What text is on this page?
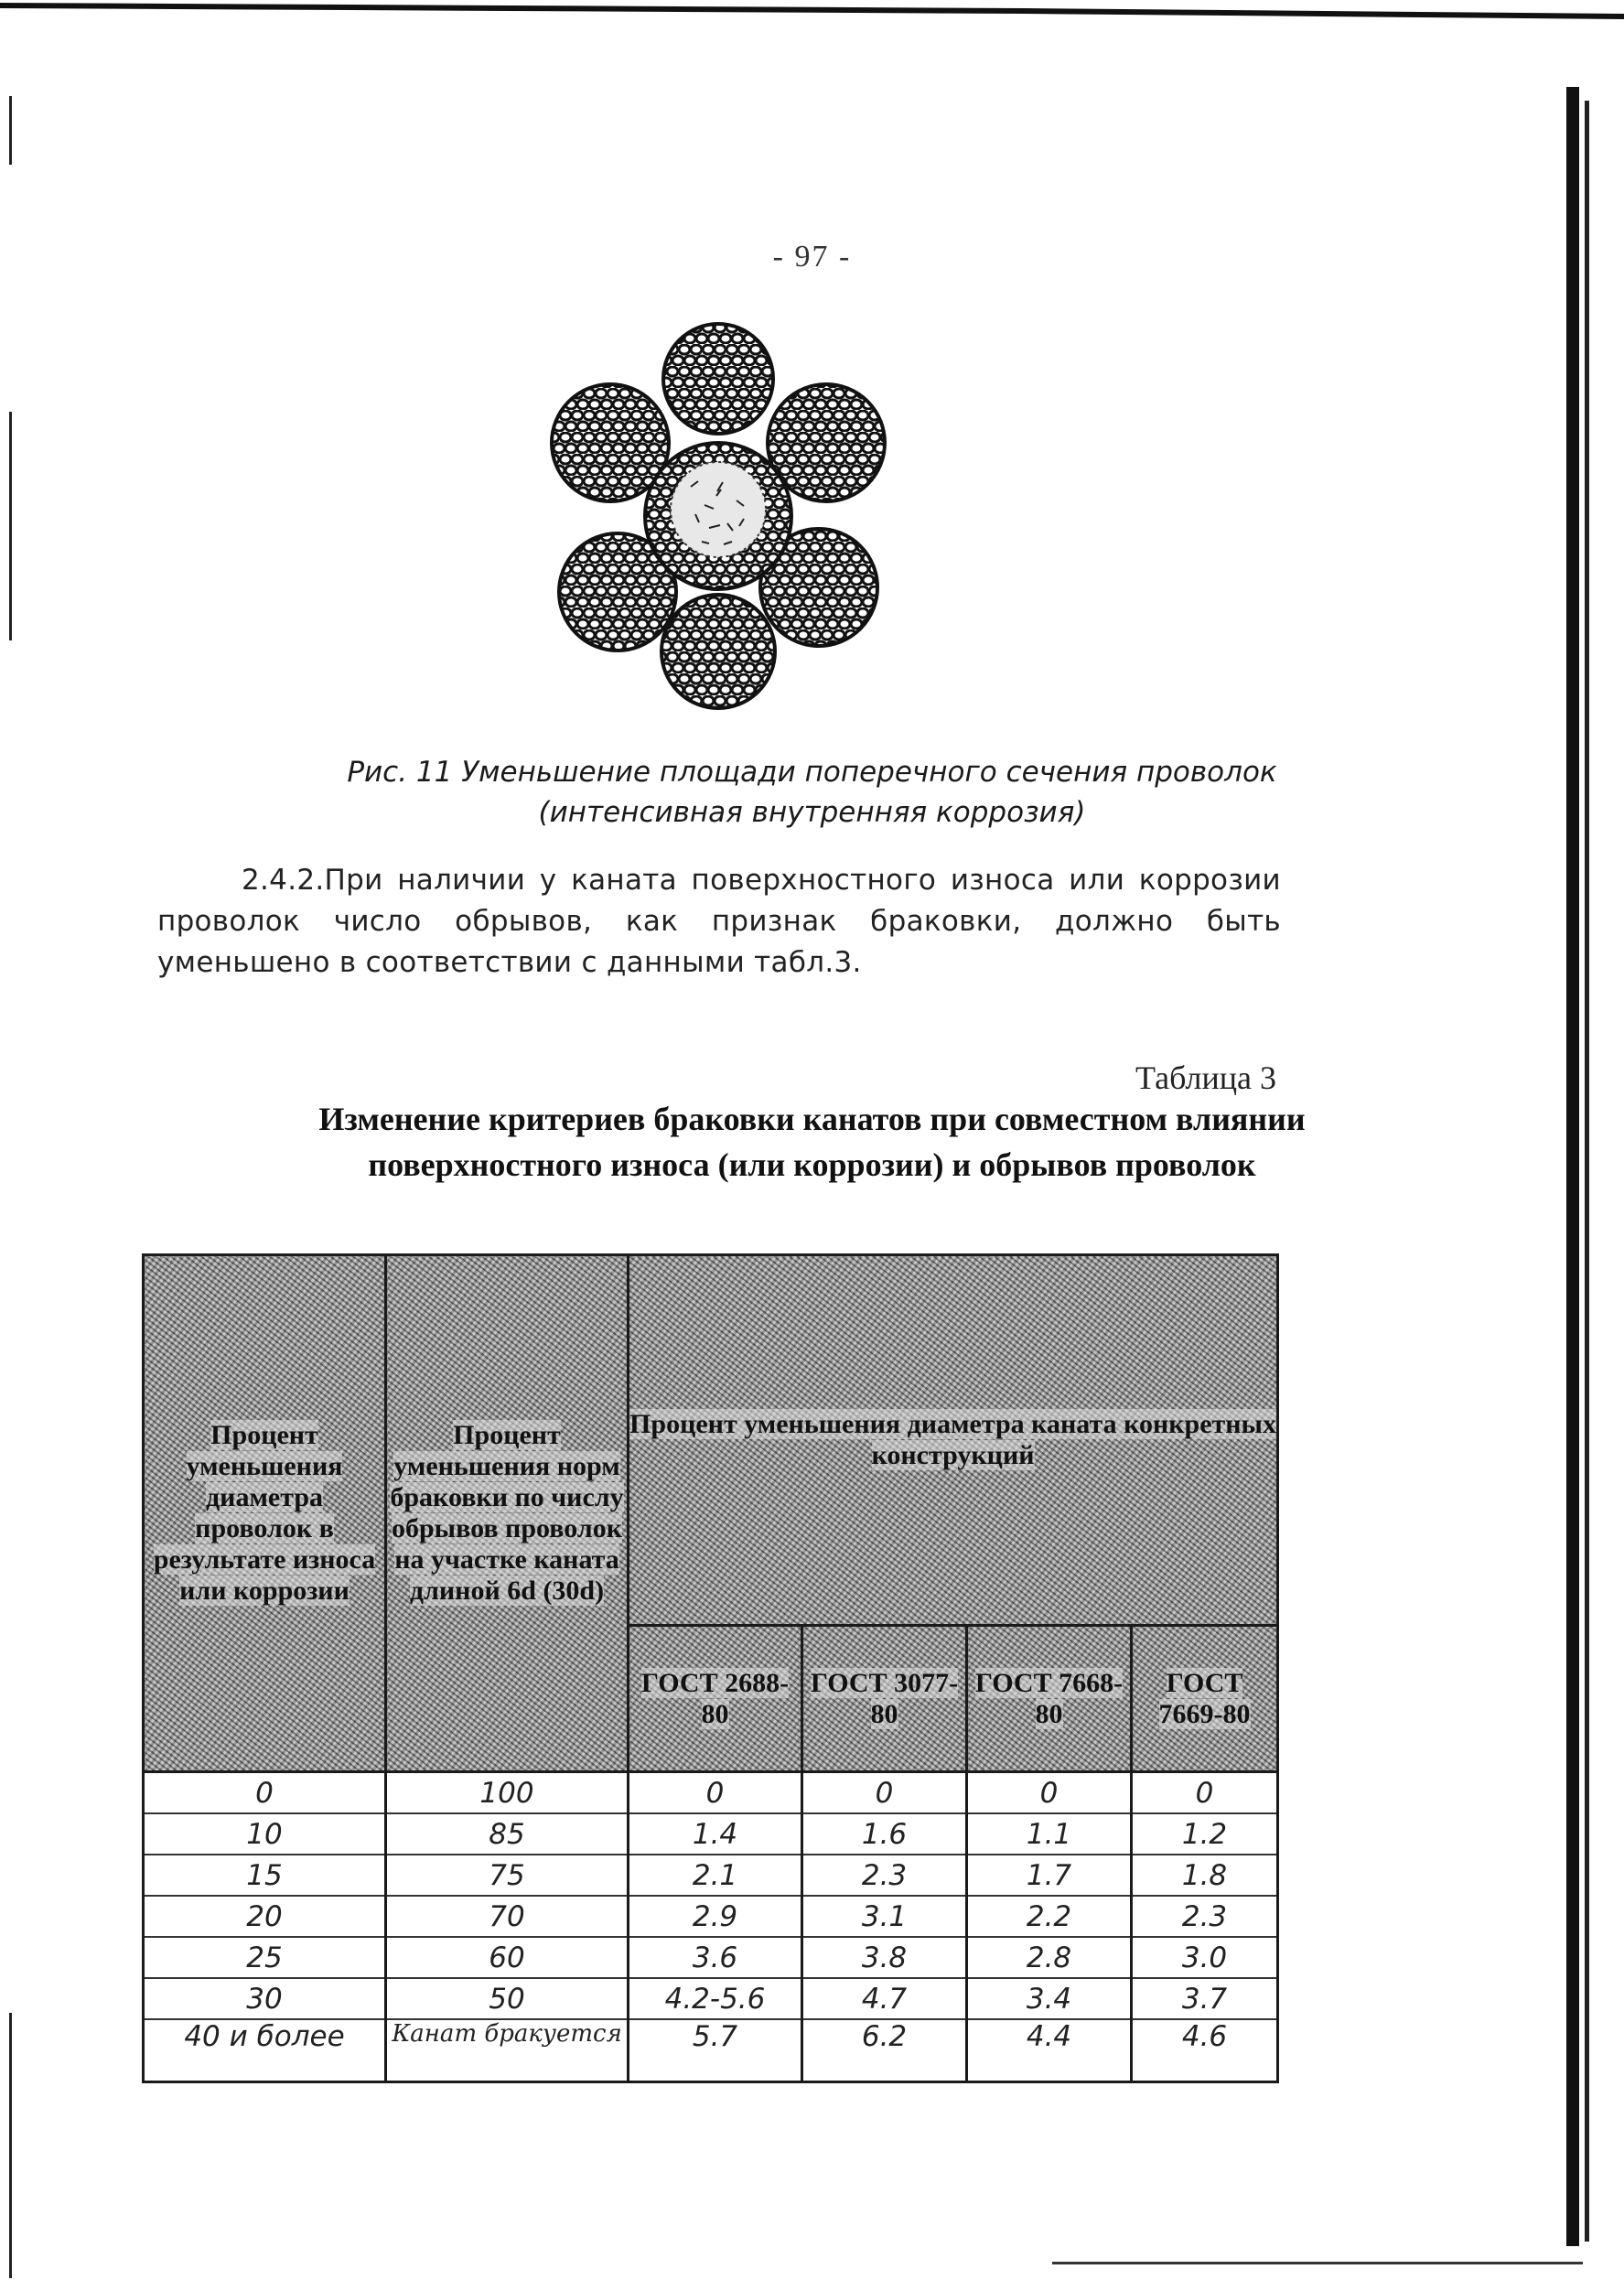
- 97 -
Рис. 11 Уменьшение площади поперечного сечения проволок
(интенсивная внутренняя коррозия)
2.4.2.При наличии у каната поверхностного износа или коррозии проволок число обрывов, как признак браковки, должно быть уменьшено в соответствии с данными табл.3.
Таблица 3
Изменение критериев браковки канатов при совместном влиянии
поверхностного износа (или коррозии) и обрывов проволок
Процент уменьшения диаметра проволок в результате износа или коррозии	Процент уменьшения норм браковки по числу обрывов проволок на участке каната длиной 6d (30d)	Процент уменьшения диаметра каната конкретных конструкций			
		ГОСТ 2688-80	ГОСТ 3077-80	ГОСТ 7668-80	ГОСТ 7669-80
0	100	0	0	0	0
10	85	1.4	1.6	1.1	1.2
15	75	2.1	2.3	1.7	1.8
20	70	2.9	3.1	2.2	2.3
25	60	3.6	3.8	2.8	3.0
30	50	4.2-5.6	4.7	3.4	3.7
40 и более	Канат бракуется	5.7	6.2	4.4	4.6
